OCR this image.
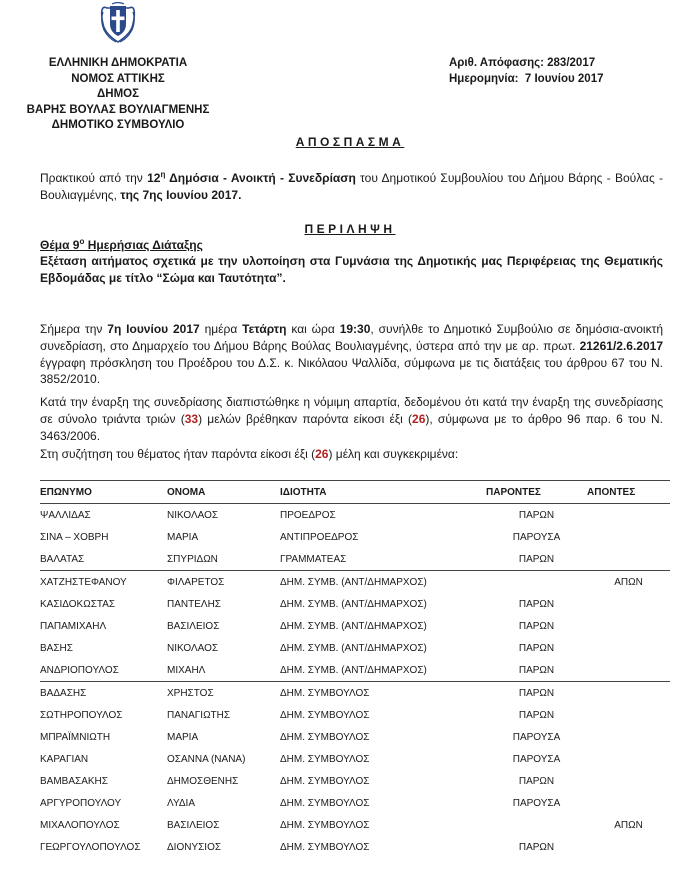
ΕΛΛΗΝΙΚΗ ΔΗΜΟΚΡΑΤΙΑ
ΝΟΜΟΣ ΑΤΤΙΚΗΣ
ΔΗΜΟΣ
ΒΑΡΗΣ ΒΟΥΛΑΣ ΒΟΥΛΙΑΓΜΕΝΗΣ
ΔΗΜΟΤΙΚΟ ΣΥΜΒΟΥΛΙΟ
Αριθ. Απόφασης: 283/2017
Ημερομηνία: 7 Ιουνίου 2017
ΑΠΟΣΠΑΣΜΑ
Πρακτικού από την $12^\eta$ Δημόσια - Ανοικτή - Συνεδρίαση του Δημοτικού Συμβουλίου του Δήμου Βάρης - Βούλας - Βουλιαγμένης, της 7ης Ιουνίου 2017.
ΠΕΡΙΛΗΨΗ
Θέμα $9^o$ Ημερήσιας Διάταξης
Εξέταση αιτήματος σχετικά με την υλοποίηση στα Γυμνάσια της Δημοτικής μας Περιφέρειας της Θεματικής Εβδομάδας με τίτλο “Σώμα και Ταυτότητα”.
Σήμερα την 7η Ιουνίου 2017 ημέρα Τετάρτη και ώρα 19:30, συνήλθε το Δημοτικό Συμβούλιο σε δημόσια-ανοικτή συνεδρίαση, στο Δημαρχείο του Δήμου Βάρης Βούλας Βουλιαγμένης, ύστερα από την με αρ. πρωτ. 21261/2.6.2017 έγγραφη πρόσκληση του Προέδρου του Δ.Σ. κ. Νικόλαου Ψαλλίδα, σύμφωνα με τις διατάξεις του άρθρου 67 του Ν. 3852/2010.
Κατά την έναρξη της συνεδρίασης διαπιστώθηκε η νόμιμη απαρτία, δεδομένου ότι κατά την έναρξη της συνεδρίασης σε σύνολο τριάντα τριών (33) μελών βρέθηκαν παρόντα είκοσι έξι (26), σύμφωνα με το άρθρο 96 παρ. 6 του Ν. 3463/2006.
Στη συζήτηση του θέματος ήταν παρόντα είκοσι έξι (26) μέλη και συγκεκριμένα:
ΕΠΩΝΥΜΟ	ΟΝΟΜΑ	ΙΔΙΟΤΗΤΑ	ΠΑΡΟΝΤΕΣ	ΑΠΟΝΤΕΣ
ΨΑΛΛΙΔΑΣ	ΝΙΚΟΛΑΟΣ	ΠΡΟΕΔΡΟΣ	ΠΑΡΩΝ	
ΣΙΝΑ – ΧΟΒΡΗ	ΜΑΡΙΑ	ΑΝΤΙΠΡΟΕΔΡΟΣ	ΠΑΡΟΥΣΑ	
ΒΑΛΑΤΑΣ	ΣΠΥΡΙΔΩΝ	ΓΡΑΜΜΑΤΕΑΣ	ΠΑΡΩΝ	
ΧΑΤΖΗΣΤΕΦΑΝΟΥ	ΦΙΛΑΡΕΤΟΣ	ΔΗΜ. ΣΥΜΒ. (ΑΝΤ/ΔΗΜΑΡΧΟΣ)		ΑΠΩΝ
ΚΑΣΙΔΟΚΩΣΤΑΣ	ΠΑΝΤΕΛΗΣ	ΔΗΜ. ΣΥΜΒ. (ΑΝΤ/ΔΗΜΑΡΧΟΣ)	ΠΑΡΩΝ	
ΠΑΠΑΜΙΧΑΗΛ	ΒΑΣΙΛΕΙΟΣ	ΔΗΜ. ΣΥΜΒ. (ΑΝΤ/ΔΗΜΑΡΧΟΣ)	ΠΑΡΩΝ	
ΒΑΣΗΣ	ΝΙΚΟΛΑΟΣ	ΔΗΜ. ΣΥΜΒ. (ΑΝΤ/ΔΗΜΑΡΧΟΣ)	ΠΑΡΩΝ	
ΑΝΔΡΙΟΠΟΥΛΟΣ	ΜΙΧΑΗΛ	ΔΗΜ. ΣΥΜΒ. (ΑΝΤ/ΔΗΜΑΡΧΟΣ)	ΠΑΡΩΝ	
ΒΑΔΑΣΗΣ	ΧΡΗΣΤΟΣ	ΔΗΜ. ΣΥΜΒΟΥΛΟΣ	ΠΑΡΩΝ	
ΣΩΤΗΡΟΠΟΥΛΟΣ	ΠΑΝΑΓΙΩΤΗΣ	ΔΗΜ. ΣΥΜΒΟΥΛΟΣ	ΠΑΡΩΝ	
ΜΠΡΑΪΜΝΙΩΤΗ	ΜΑΡΙΑ	ΔΗΜ. ΣΥΜΒΟΥΛΟΣ	ΠΑΡΟΥΣΑ	
ΚΑΡΑΓΙΑΝ	ΟΣΑΝΝΑ (ΝΑΝΑ)	ΔΗΜ. ΣΥΜΒΟΥΛΟΣ	ΠΑΡΟΥΣΑ	
ΒΑΜΒΑΣΑΚΗΣ	ΔΗΜΟΣΘΕΝΗΣ	ΔΗΜ. ΣΥΜΒΟΥΛΟΣ	ΠΑΡΩΝ	
ΑΡΓΥΡΟΠΟΥΛΟΥ	ΛΥΔΙΑ	ΔΗΜ. ΣΥΜΒΟΥΛΟΣ	ΠΑΡΟΥΣΑ	
ΜΙΧΑΛΟΠΟΥΛΟΣ	ΒΑΣΙΛΕΙΟΣ	ΔΗΜ. ΣΥΜΒΟΥΛΟΣ		ΑΠΩΝ
ΓΕΩΡΓΟΥΛΟΠΟΥΛΟΣ	ΔΙΟΝΥΣΙΟΣ	ΔΗΜ. ΣΥΜΒΟΥΛΟΣ	ΠΑΡΩΝ	
